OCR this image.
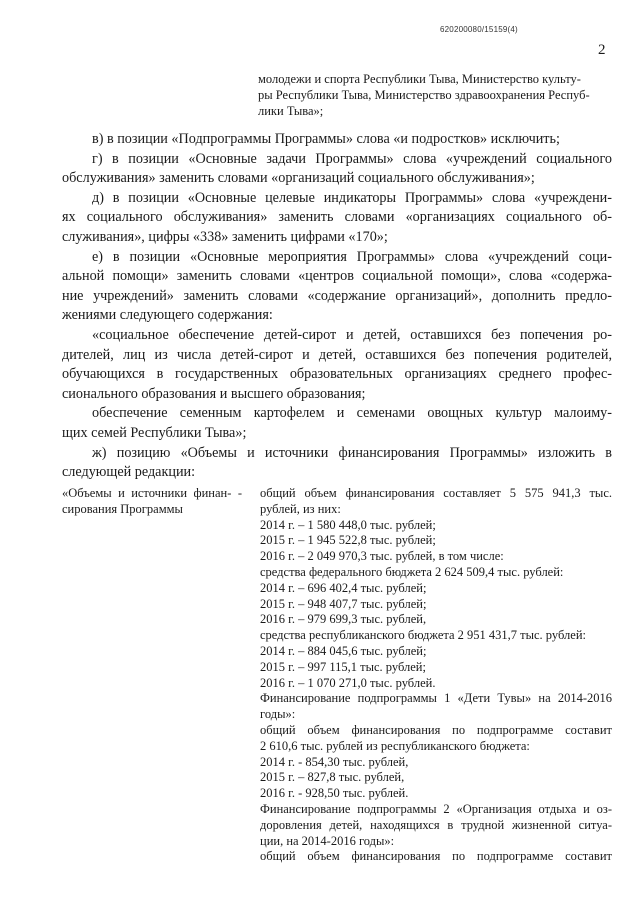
620200080/15159(4)
2
молодежи и спорта Республики Тыва, Министерство культу-
ры Республики Тыва, Министерство здравоохранения Респуб-
лики Тыва»;
в) в позиции «Подпрограммы Программы» слова «и подростков» исключить;
г) в позиции «Основные задачи Программы» слова «учреждений социального
обслуживания» заменить словами «организаций социального обслуживания»;
д) в позиции «Основные целевые индикаторы Программы» слова «учреждени-
ях социального обслуживания» заменить словами «организациях социального об-
служивания», цифры «338» заменить цифрами «170»;
е) в позиции «Основные мероприятия Программы» слова «учреждений соци-
альной помощи» заменить словами «центров социальной помощи», слова «содержа-
ние учреждений» заменить словами «содержание организаций», дополнить предло-
жениями следующего содержания:
«социальное обеспечение детей-сирот и детей, оставшихся без попечения ро-
дителей, лиц из числа детей-сирот и детей, оставшихся без попечения родителей,
обучающихся в государственных образовательных организациях среднего профес-
сионального образования и высшего образования;
обеспечение семенным картофелем и семенами овощных культур малоиму-
щих семей Республики Тыва»;
ж) позицию «Объемы и источники финансирования Программы» изложить в
следующей редакции:
«Объемы и источники финан- -
сирования Программы
общий объем финансирования составляет 5 575 941,3 тыс.
рублей, из них:
2014 г. – 1 580 448,0 тыс. рублей;
2015 г. – 1 945 522,8 тыс. рублей;
2016 г. – 2 049 970,3 тыс. рублей, в том числе:
средства федерального бюджета 2 624 509,4 тыс. рублей:
2014 г. – 696 402,4 тыс. рублей;
2015 г. – 948 407,7 тыс. рублей;
2016 г. – 979 699,3 тыс. рублей,
средства республиканского бюджета 2 951 431,7 тыс. рублей:
2014 г. – 884 045,6 тыс. рублей;
2015 г. – 997 115,1 тыс. рублей;
2016 г. – 1 070 271,0 тыс. рублей.
Финансирование подпрограммы 1 «Дети Тувы» на 2014-2016
годы»:
общий объем финансирования по подпрограмме составит
2 610,6 тыс. рублей из республиканского бюджета:
2014 г. - 854,30 тыс. рублей,
2015 г. – 827,8 тыс. рублей,
2016 г. - 928,50 тыс. рублей.
Финансирование подпрограммы 2 «Организация отдыха и оз-
доровления детей, находящихся в трудной жизненной ситуа-
ции, на 2014-2016 годы»:
общий объем финансирования по подпрограмме составит
